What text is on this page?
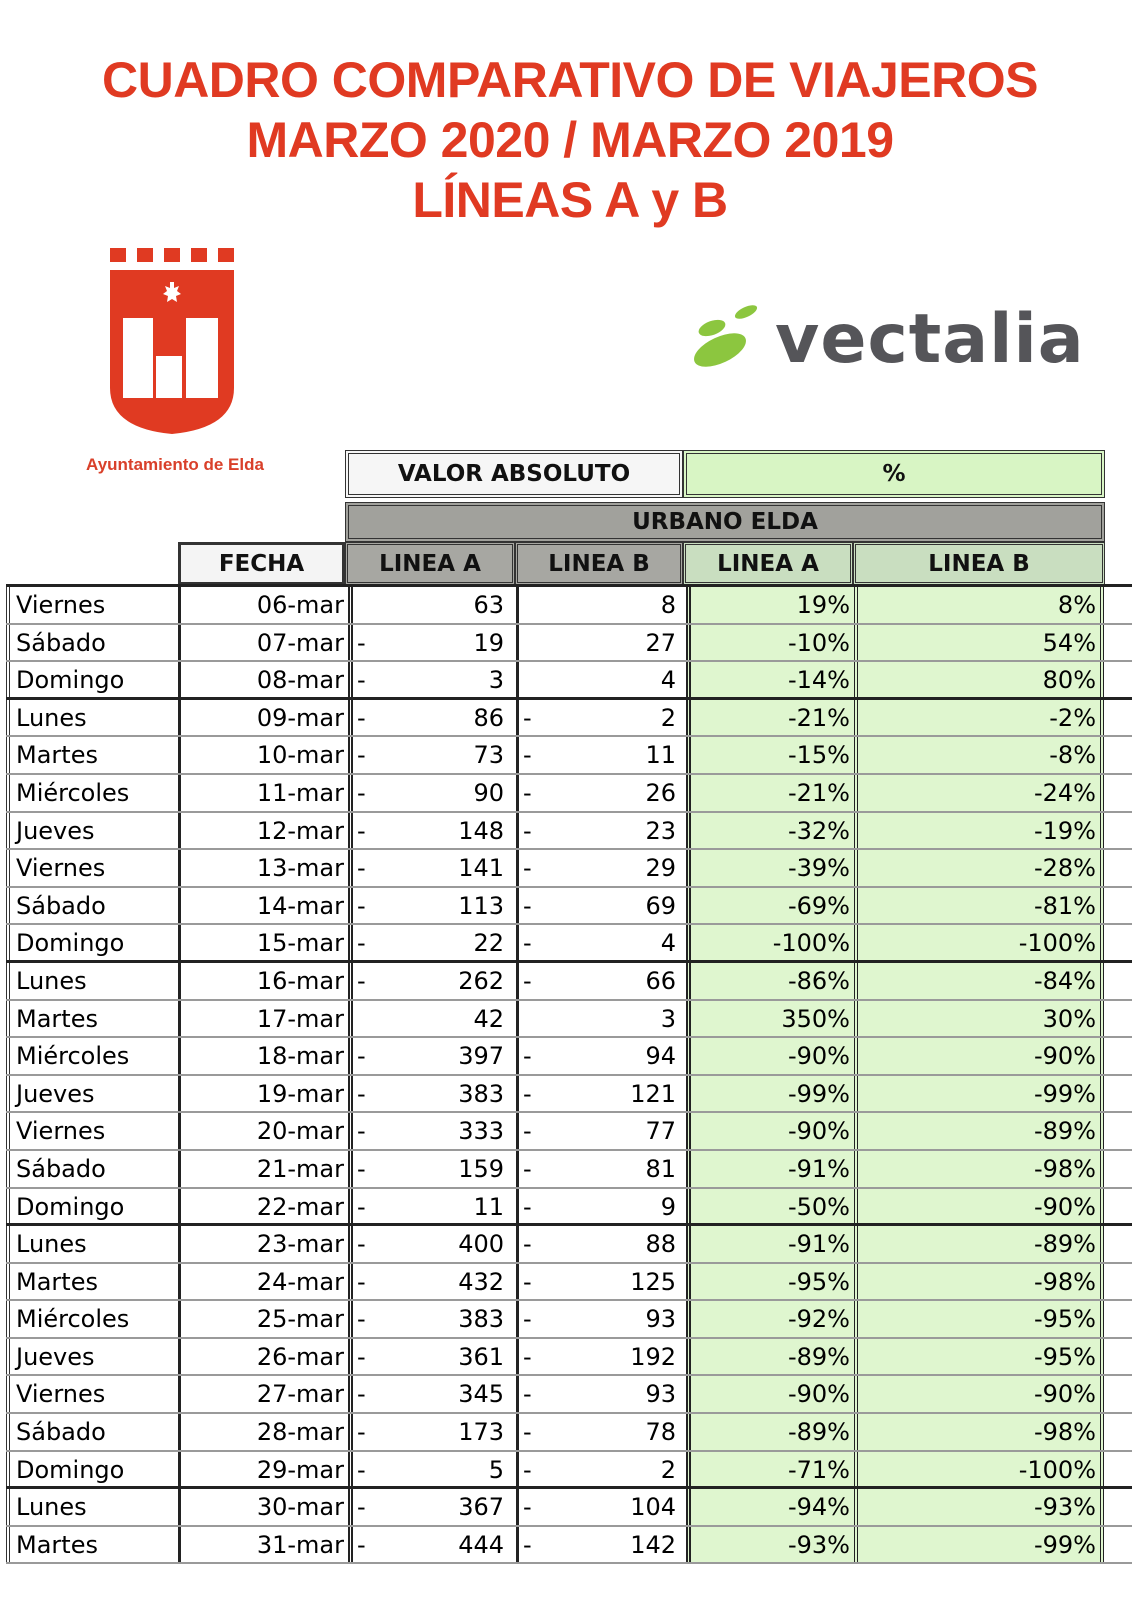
CUADRO COMPARATIVO DE VIAJEROS
MARZO 2020 / MARZO 2019
LÍNEAS A y B
Ayuntamiento de Elda
vectalia
VALOR ABSOLUTO	%
URBANO ELDA
FECHA	LINEA A	LINEA B	LINEA A	LINEA B
Viernes	06-mar	63	8	19%	8%
Sábado	07-mar -	19	27	-10%	54%
Domingo	08-mar -	3	4	-14%	80%
Lunes	09-mar -	86 -	2	-21%	-2%
Martes	10-mar -	73 -	11	-15%	-8%
Miércoles	11-mar -	90 -	26	-21%	-24%
Jueves	12-mar -	148 -	23	-32%	-19%
Viernes	13-mar -	141 -	29	-39%	-28%
Sábado	14-mar -	113 -	69	-69%	-81%
Domingo	15-mar -	22 -	4	-100%	-100%
Lunes	16-mar -	262 -	66	-86%	-84%
Martes	17-mar	42	3	350%	30%
Miércoles	18-mar -	397 -	94	-90%	-90%
Jueves	19-mar -	383 -	121	-99%	-99%
Viernes	20-mar -	333 -	77	-90%	-89%
Sábado	21-mar -	159 -	81	-91%	-98%
Domingo	22-mar -	11 -	9	-50%	-90%
Lunes	23-mar -	400 -	88	-91%	-89%
Martes	24-mar -	432 -	125	-95%	-98%
Miércoles	25-mar -	383 -	93	-92%	-95%
Jueves	26-mar -	361 -	192	-89%	-95%
Viernes	27-mar -	345 -	93	-90%	-90%
Sábado	28-mar -	173 -	78	-89%	-98%
Domingo	29-mar -	5 -	2	-71%	-100%
Lunes	30-mar -	367 -	104	-94%	-93%
Martes	31-mar -	444 -	142	-93%	-99%
